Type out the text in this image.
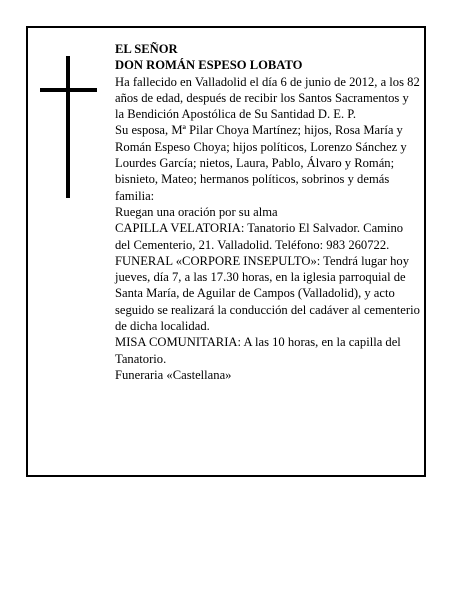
EL SEÑOR

DON ROMÁN ESPESO LOBATO

Ha fallecido en Valladolid el día 6 de junio de 2012, a los 82 años de edad, después de recibir los Santos Sacramentos y la Bendición Apostólica de Su Santidad D. E. P.

Su esposa, Mª Pilar Choya Martínez; hijos, Rosa María y Román Espeso Choya; hijos políticos, Lorenzo Sánchez y Lourdes García; nietos, Laura, Pablo, Álvaro y Román; bisnieto, Mateo; hermanos políticos, sobrinos y demás familia:

Ruegan una oración por su alma

CAPILLA VELATORIA: Tanatorio El Salvador. Camino del Cementerio, 21. Valladolid. Teléfono: 983 260722.

FUNERAL «CORPORE INSEPULTO»: Tendrá lugar hoy jueves, día 7, a las 17.30 horas, en la iglesia parroquial de Santa María, de Aguilar de Campos (Valladolid), y acto seguido se realizará la conducción del cadáver al cementerio de dicha localidad.

MISA COMUNITARIA: A las 10 horas, en la capilla del Tanatorio.

Funeraria «Castellana»
